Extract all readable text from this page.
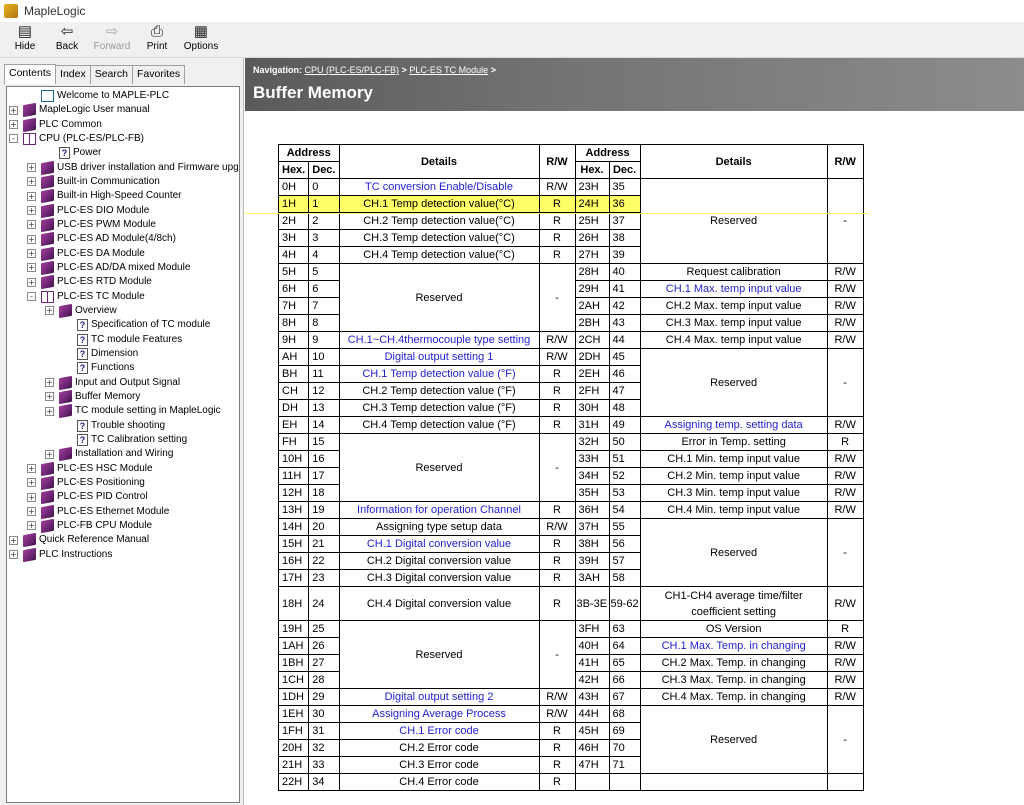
MapleLogic
▤
Hide
⇦
Back
⇨
Forward
⎙
Print
▦
Options
Contents Index Search Favorites
Welcome to MAPLE-PLC
+ MapleLogic User manual
+ PLC Common
-	CPU (PLC-ES/PLC-FB)
? Power
+ USB driver installation and Firmware upg
+ Built-in Communication
+ Built-in High-Speed Counter
+ PLC-ES DIO Module
+ PLC-ES PWM Module
+ PLC-ES AD Module(4/8ch)
+ PLC-ES DA Module
+ PLC-ES AD/DA mixed Module
+ PLC-ES RTD Module
-	PLC-ES TC Module
+ Overview
? Specification of TC module
? TC module Features
? Dimension
? Functions
+ Input and Output Signal
+ Buffer Memory
+ TC module setting in MapleLogic
? Trouble shooting
? TC Calibration setting
+ Installation and Wiring
+ PLC-ES HSC Module
+ PLC-ES Positioning
+ PLC-ES PID Control
+ PLC-ES Ethernet Module
+ PLC-FB CPU Module
+ Quick Reference Manual
+ PLC Instructions
Navigation: CPU (PLC-ES/PLC-FB) > PLC-ES TC Module >
Buffer Memory
Address		Details	R/W	Address		Details	R/W
Hex.	Dec.			Hex.	Dec.		
0H	0	TC conversion Enable/Disable	R/W	23H	35	Reserved	-
1H	1	CH.1 Temp detection value(°C)	R	24H	36		
2H	2	CH.2 Temp detection value(°C)	R	25H	37		
3H	3	CH.3 Temp detection value(°C)	R	26H	38		
4H	4	CH.4 Temp detection value(°C)	R	27H	39		
5H	5	Reserved	-	28H	40	Request calibration	R/W
6H	6			29H	41	CH.1 Max. temp input value	R/W
7H	7			2AH	42	CH.2 Max. temp input value	R/W
8H	8			2BH	43	CH.3 Max. temp input value	R/W
9H	9	CH.1~CH.4thermocouple type setting	R/W	2CH	44	CH.4 Max. temp input value	R/W
AH	10	Digital output setting 1	R/W	2DH	45	Reserved	-
BH	11	CH.1 Temp detection value (°F)	R	2EH	46		
CH	12	CH.2 Temp detection value (°F)	R	2FH	47		
DH	13	CH.3 Temp detection value (°F)	R	30H	48		
EH	14	CH.4 Temp detection value (°F)	R	31H	49	Assigning temp. setting data	R/W
FH	15	Reserved	-	32H	50	Error in Temp. setting	R
10H	16			33H	51	CH.1 Min. temp input value	R/W
11H	17			34H	52	CH.2 Min. temp input value	R/W
12H	18			35H	53	CH.3 Min. temp input value	R/W
13H	19	Information for operation Channel	R	36H	54	CH.4 Min. temp input value	R/W
14H	20	Assigning type setup data	R/W	37H	55	Reserved	-
15H	21	CH.1 Digital conversion value	R	38H	56		
16H	22	CH.2 Digital conversion value	R	39H	57		
17H	23	CH.3 Digital conversion value	R	3AH	58		
18H	24	CH.4 Digital conversion value	R	3B-3E	59-62	CH1-CH4 average time/filter coefficient setting	R/W
19H	25	Reserved	-	3FH	63	OS Version	R
1AH	26			40H	64	CH.1 Max. Temp. in changing	R/W
1BH	27			41H	65	CH.2 Max. Temp. in changing	R/W
1CH	28			42H	66	CH.3 Max. Temp. in changing	R/W
1DH	29	Digital output setting 2	R/W	43H	67	CH.4 Max. Temp. in changing	R/W
1EH	30	Assigning Average Process	R/W	44H	68	Reserved	-
1FH	31	CH.1 Error code	R	45H	69		
20H	32	CH.2 Error code	R	46H	70		
21H	33	CH.3 Error code	R	47H	71		
22H	34	CH.4 Error code	R				
